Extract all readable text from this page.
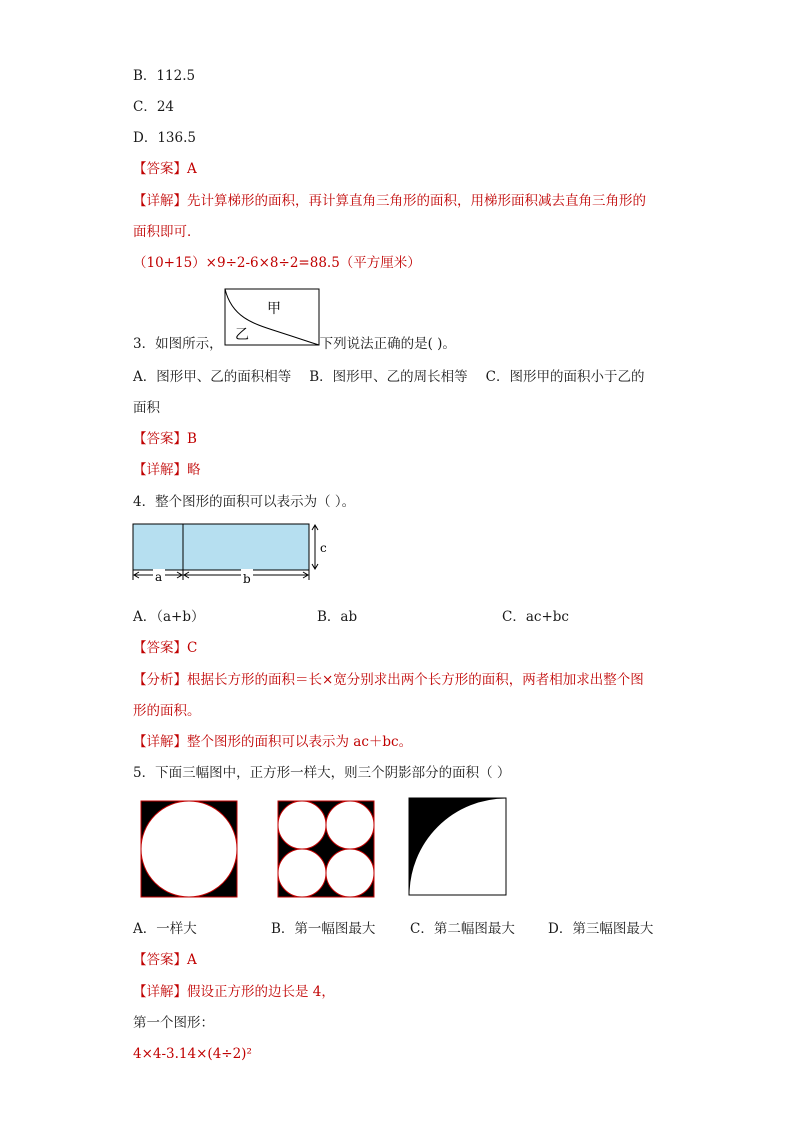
B．112.5
C．24
D．136.5
【答案】A
【详解】先计算梯形的面积，再计算直角三角形的面积，用梯形面积减去直角三角形的
面积即可．
（10+15）×9÷2-6×8÷2=88.5（平方厘米）
甲
乙
3．如图所示，	下列说法正确的是( )。
A．图形甲、乙的面积相等 B．图形甲、乙的周长相等 C．图形甲的面积小于乙的
面积
【答案】B
【详解】略
4．整个图形的面积可以表示为（ ）。
c
a	b
A．（a+b）	B．ab	C．ac+bc
【答案】C
【分析】根据长方形的面积＝长×宽分别求出两个长方形的面积，两者相加求出整个图
形的面积。
【详解】整个图形的面积可以表示为 ac＋bc。
5．下面三幅图中，正方形一样大，则三个阴影部分的面积（ ）
A．一样大	B．第一幅图最大	C．第二幅图最大 D．第三幅图最大
【答案】A
【详解】假设正方形的边长是 4，
第一个图形：
4×4-3.14×(4÷2)²
